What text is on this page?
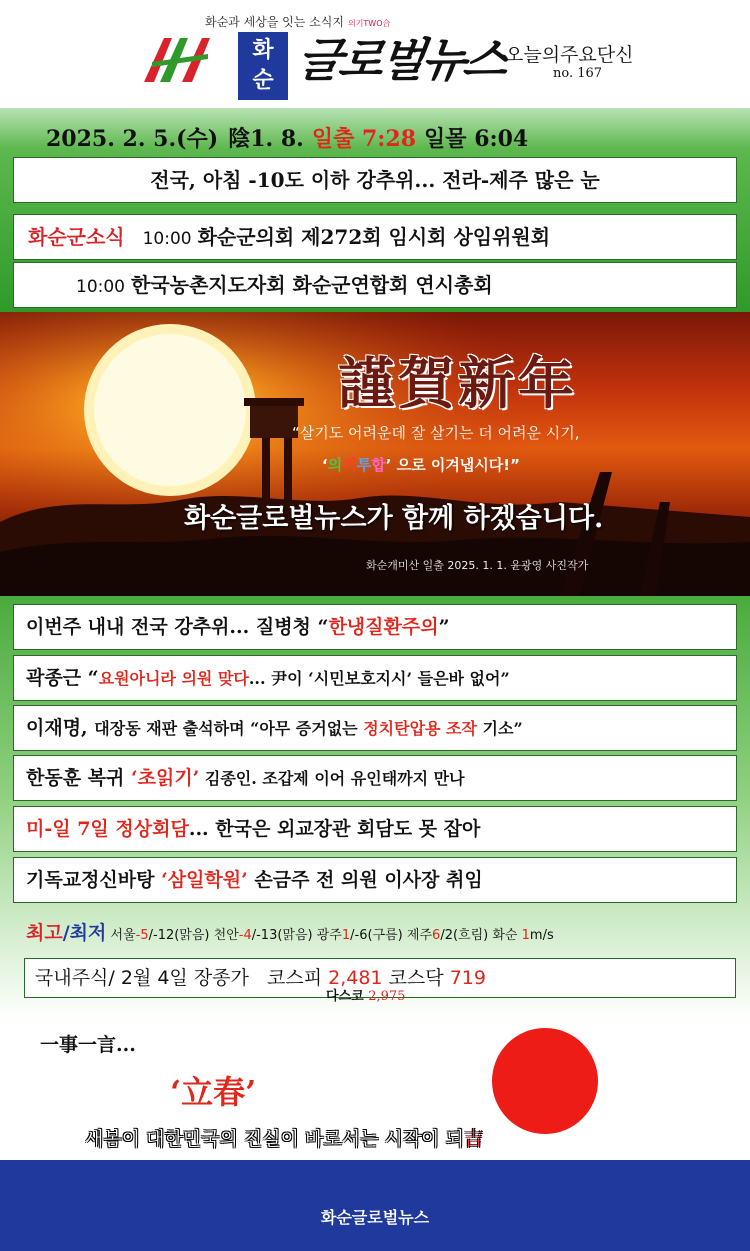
화순과 세상을 잇는 소식지 의기TWO合
화
순 글로벌뉴스
오늘의주요단신
no. 167
2025. 2. 5.(수) 陰1. 8. 일출 7:28 일몰 6:04
전국, 아침 -10도 이하 강추위... 전라-제주 많은 눈
화순군소식 10:00 화순군의회 제272회 임시회 상임위원회
10:00 한국농촌지도자회 화순군연합회 연시총회
謹賀新年
“살기도 어려운데 잘 살기는 더 어려운 시기,
‘의기투합’ 으로 이겨냅시다!”
화순글로벌뉴스가 함께 하겠습니다.
화순개미산 일출 2025. 1. 1. 윤광영 사진작가
이번주 내내 전국 강추위... 질병청 “한냉질환주의”
곽종근 “요원아니라 의원 맞다... 尹이 ‘시민보호지시’ 들은바 없어”
이재명, 대장동 재판 출석하며 “아무 증거없는 정치탄압용 조작 기소”
한동훈 복귀 ‘초읽기’ 김종인. 조갑제 이어 유인태까지 만나
미-일 7일 정상회담... 한국은 외교장관 회담도 못 잡아
기독교정신바탕 ‘삼일학원’ 손금주 전 의원 이사장 취임
최고/최저 서울-5/-12(맑음) 천안-4/-13(맑음) 광주1/-6(구름) 제주6/2(흐림) 화순 1m/s
국내주식/ 2월 4일 장종가 코스피 2,481 코스닥 719
다스코 2,975
一事一言...
‘立春’
새봄이 대한민국의 진실이 바로서는 시작이 되吉
화순글로벌뉴스
